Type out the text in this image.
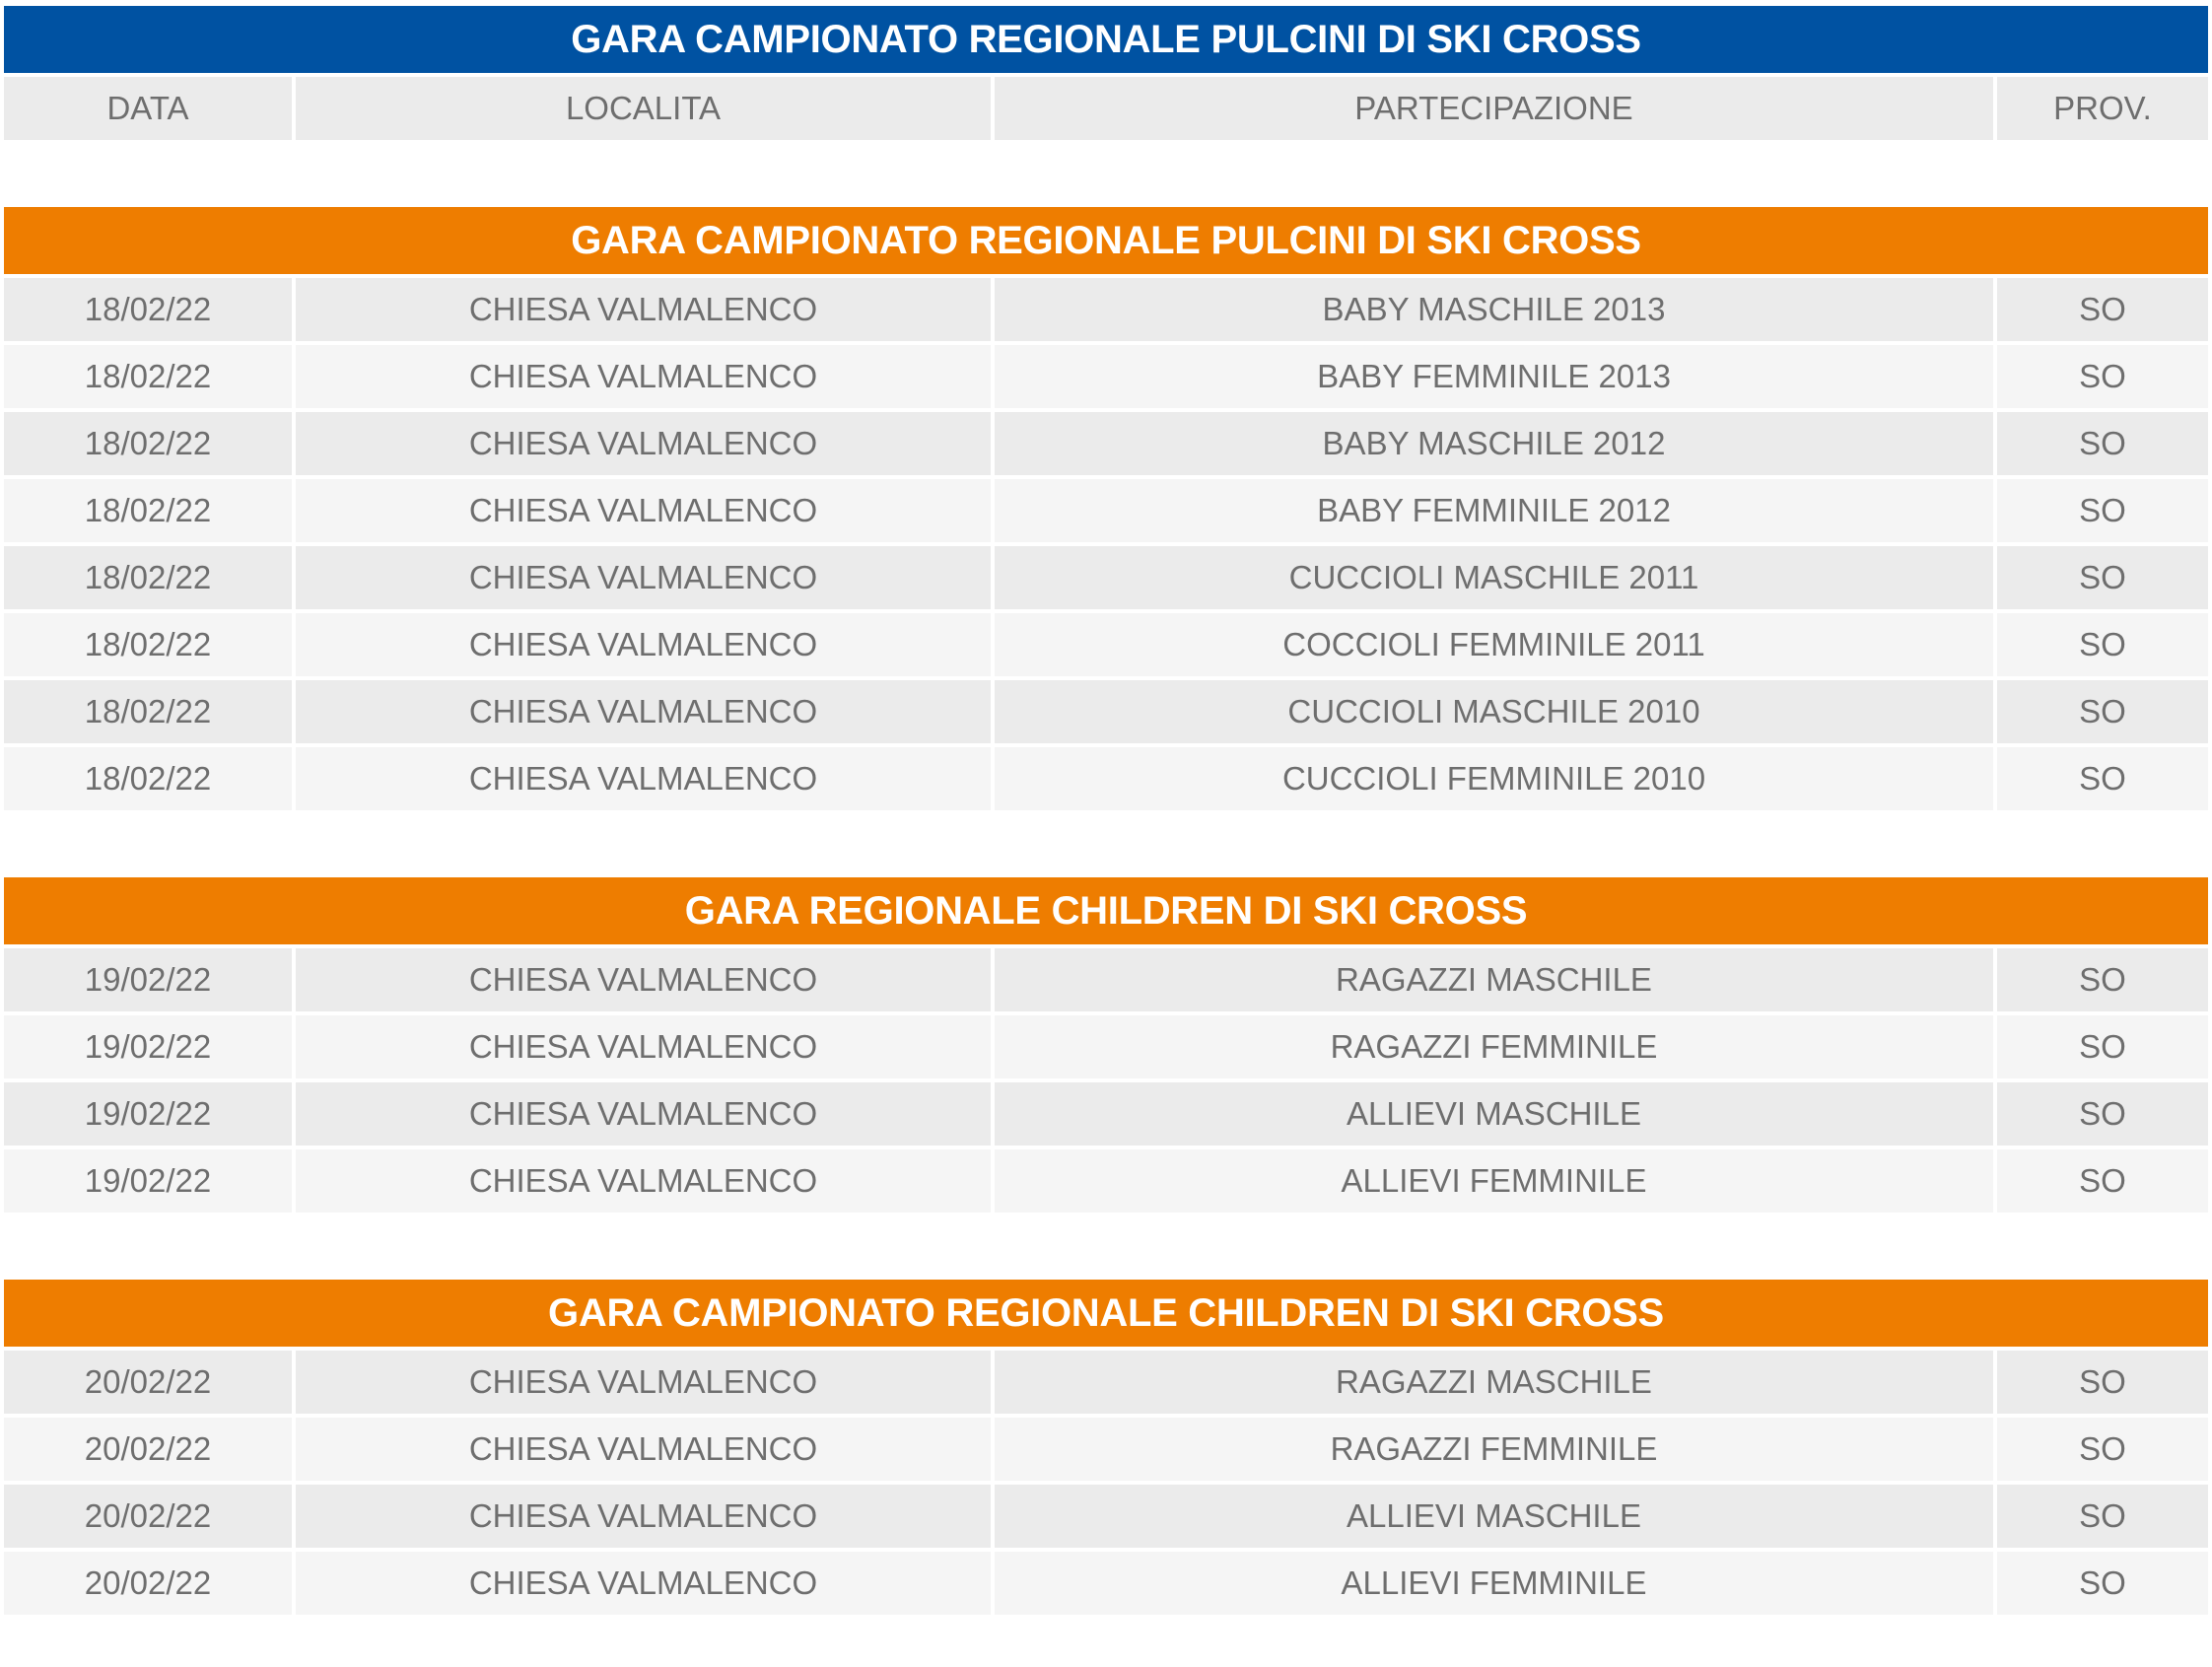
GARA CAMPIONATO REGIONALE PULCINI DI SKI CROSS
DATA	LOCALITA	PARTECIPAZIONE	PROV.
GARA CAMPIONATO REGIONALE PULCINI DI SKI CROSS
18/02/22	CHIESA VALMALENCO	BABY MASCHILE 2013	SO
18/02/22	CHIESA VALMALENCO	BABY FEMMINILE 2013	SO
18/02/22	CHIESA VALMALENCO	BABY MASCHILE 2012	SO
18/02/22	CHIESA VALMALENCO	BABY FEMMINILE 2012	SO
18/02/22	CHIESA VALMALENCO	CUCCIOLI MASCHILE 2011	SO
18/02/22	CHIESA VALMALENCO	COCCIOLI FEMMINILE 2011	SO
18/02/22	CHIESA VALMALENCO	CUCCIOLI MASCHILE 2010	SO
18/02/22	CHIESA VALMALENCO	CUCCIOLI FEMMINILE 2010	SO
GARA REGIONALE CHILDREN DI SKI CROSS
19/02/22	CHIESA VALMALENCO	RAGAZZI MASCHILE	SO
19/02/22	CHIESA VALMALENCO	RAGAZZI FEMMINILE	SO
19/02/22	CHIESA VALMALENCO	ALLIEVI MASCHILE	SO
19/02/22	CHIESA VALMALENCO	ALLIEVI FEMMINILE	SO
GARA CAMPIONATO REGIONALE CHILDREN DI SKI CROSS
20/02/22	CHIESA VALMALENCO	RAGAZZI MASCHILE	SO
20/02/22	CHIESA VALMALENCO	RAGAZZI FEMMINILE	SO
20/02/22	CHIESA VALMALENCO	ALLIEVI MASCHILE	SO
20/02/22	CHIESA VALMALENCO	ALLIEVI FEMMINILE	SO
